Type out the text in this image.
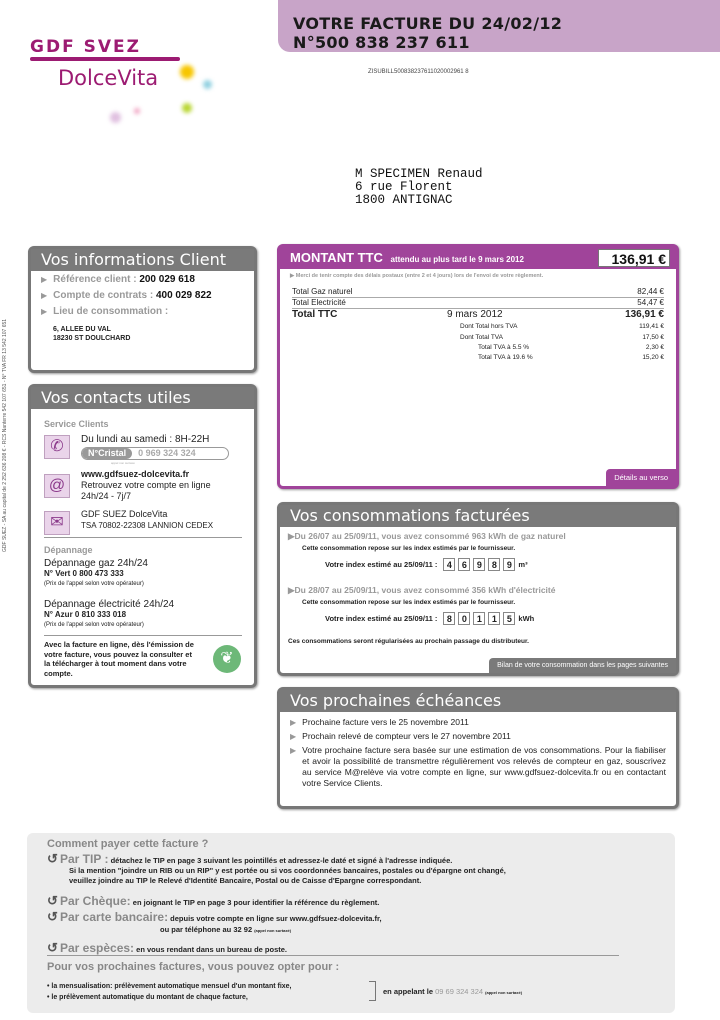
VOTRE FACTURE DU 24/02/12
N°500 838 237 611
ZISUBILL500838237611020002961 8
GDF SVEZ
DolceVita
M SPECIMEN Renaud
6 rue Florent
1800 ANTIGNAC
GDF SUEZ - SA au capital de 2 252 636 208 € - RCS Nanterre 542 107 651 - N° TVA FR 13 542 107 651
Vos informations Client
▶ Référence client : 200 029 618
▶ Compte de contrats : 400 029 822
▶ Lieu de consommation :
6, ALLEE DU VAL
18230 ST DOULCHARD
Vos contacts utiles
Service Clients
✆	Du lundi au samedi : 8H-22H
N°Cristal	0 969 324 324
appel non surtaxé
@
www.gdfsuez-dolcevita.fr
Retrouvez votre compte en ligne
24h/24 - 7j/7
✉	GDF SUEZ DolceVita
TSA 70802-22308 LANNION CEDEX
Dépannage
Dépannage gaz 24h/24
N° Vert 0 800 473 333
(Prix de l'appel selon votre opérateur)
Dépannage électricité 24h/24
N° Azur 0 810 333 018
(Prix de l'appel selon votre opérateur)
Avec la facture en ligne, dès l'émission de votre facture, vous pouvez la consulter et la télécharger à tout moment dans votre compte.
❦
MONTANT TTC attendu au plus tard le 9 mars 2012	136,91 €
▶ Merci de tenir compte des délais postaux (entre 2 et 4 jours) lors de l'envoi de votre règlement.
Total Gaz naturel	82,44 €
Total Electricité	54,47 €
Total TTC	9 mars 2012	136,91 €
Dont Total hors TVA	119,41 €
Dont Total TVA	17,50 €
Total TVA à 5.5 %	2,30 €
Total TVA à 19.6 %	15,20 €
Détails au verso
Vos consommations facturées
▶Du 26/07 au 25/09/11, vous avez consommé 963 kWh de gaz naturel
Cette consommation repose sur les index estimés par le fournisseur.
Votre index estimé au 25/09/11 :	4 6 9 8 9 m³
▶Du 28/07 au 25/09/11, vous avez consommé 356 kWh d'électricité
Cette consommation repose sur les index estimés par le fournisseur.
Votre index estimé au 25/09/11 :	8 0 1 1 5 kWh
Ces consommations seront régularisées au prochain passage du distributeur.
Bilan de votre consommation dans les pages suivantes
Vos prochaines échéances
▶ Prochaine facture vers le 25 novembre 2011
▶ Prochain relevé de compteur vers le 27 novembre 2011
▶ Votre prochaine facture sera basée sur une estimation de vos consommations. Pour la fiabiliser et avoir la possibilité de transmettre régulièrement vos relevés de compteur en gaz, souscrivez au service M@relève via votre compte en ligne, sur www.gdfsuez-dolcevita.fr ou en contactant votre Service Clients.
Comment payer cette facture ?
↺ Par TIP : détachez le TIP en page 3 suivant les pointillés et adressez-le daté et signé à l'adresse indiquée.
Si la mention "joindre un RIB ou un RIP" y est portée ou si vos coordonnées bancaires, postales ou d'épargne ont changé,
veuillez joindre au TIP le Relevé d'Identité Bancaire, Postal ou de Caisse d'Epargne correspondant.
↺ Par Chèque: en joignant le TIP en page 3 pour identifier la référence du règlement.
↺ Par carte bancaire: depuis votre compte en ligne sur www.gdfsuez-dolcevita.fr,
ou par téléphone au 32 92 (appel non surtaxé)
↺ Par espèces: en vous rendant dans un bureau de poste.
Pour vos prochaines factures, vous pouvez opter pour :
• la mensualisation: prélèvement automatique mensuel d'un montant fixe,
• le prélèvement automatique du montant de chaque facture,
en appelant le 09 69 324 324 (appel non surtaxé)
